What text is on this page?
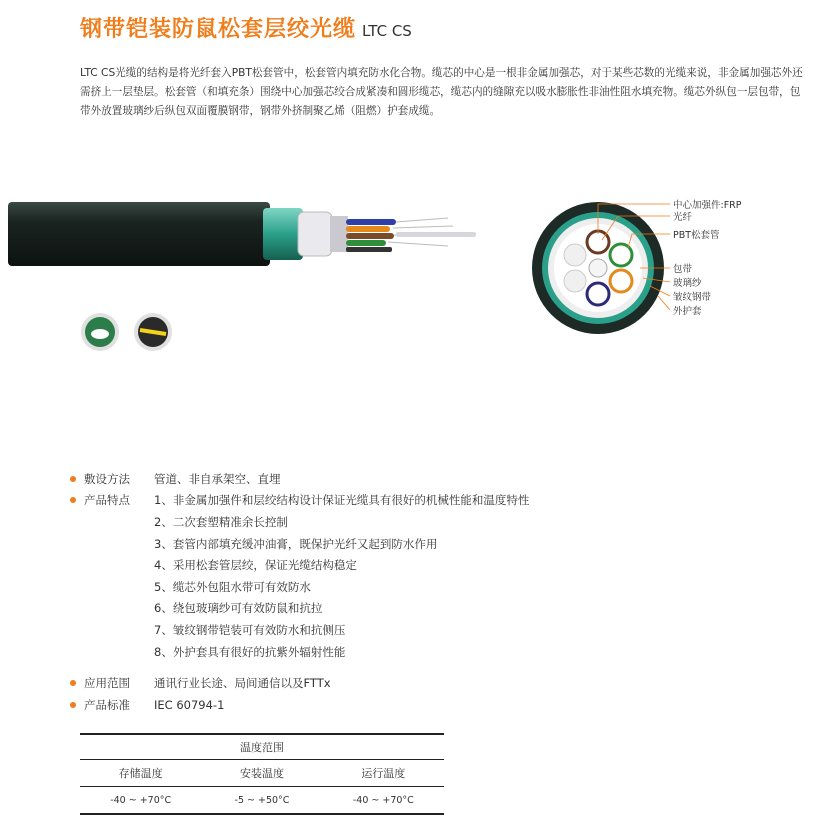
钢带铠装防鼠松套层绞光缆 LTC CS
LTC CS光缆的结构是将光纤套入PBT松套管中，松套管内填充防水化合物。缆芯的中心是一根非金属加强芯，对于某些芯数的光缆来说，非金属加强芯外还需挤上一层垫层。松套管（和填充条）围绕中心加强芯绞合成紧凑和圆形缆芯，缆芯内的缝隙充以吸水膨胀性非油性阻水填充物。缆芯外纵包一层包带，包带外放置玻璃纱后纵包双面覆膜钢带，钢带外挤制聚乙烯（阻燃）护套成缆。
中心加强件:FRP
光纤
PBT松套管
包带
玻璃纱
皱纹钢带
外护套
敷设方法	管道、非自承架空、直埋
产品特点	1、非金属加强件和层绞结构设计保证光缆具有很好的机械性能和温度特性
2、二次套塑精准余长控制
3、套管内部填充缓冲油膏，既保护光纤又起到防水作用
4、采用松套管层绞，保证光缆结构稳定
5、缆芯外包阻水带可有效防水
6、绕包玻璃纱可有效防鼠和抗拉
7、皱纹钢带铠装可有效防水和抗侧压
8、外护套具有很好的抗紫外辐射性能
应用范围	通讯行业长途、局间通信以及FTTx
产品标准	IEC 60794-1
温度范围
存储温度	安装温度	运行温度
-40 ~ +70°C	-5 ~ +50°C	-40 ~ +70°C
